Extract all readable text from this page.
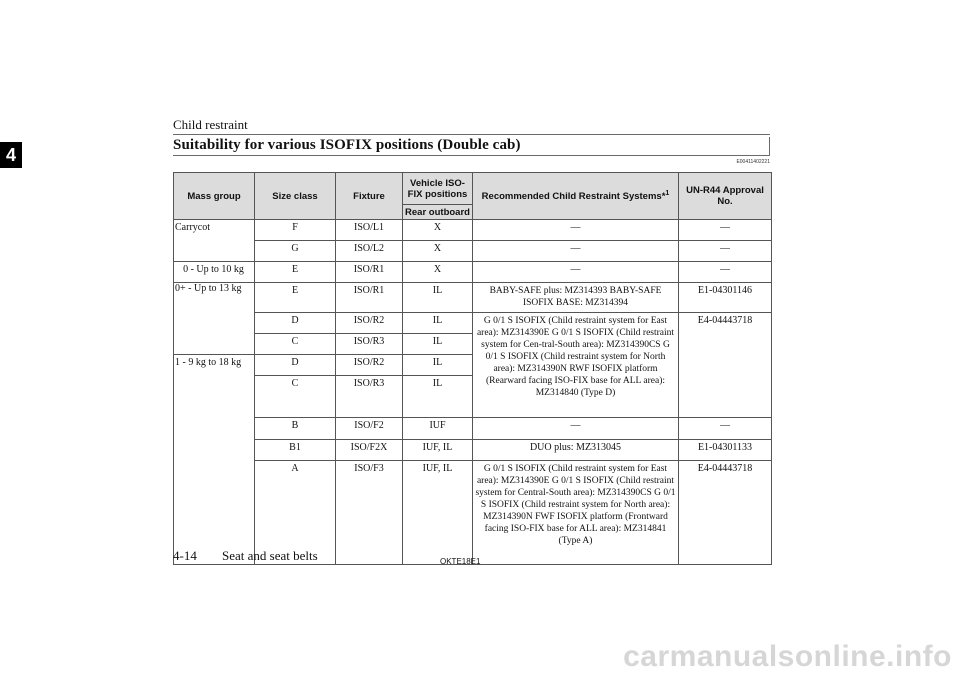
Child restraint
4	Suitability for various ISOFIX positions (Double cab)
E00411402221
Mass group	Size class	Fixture	Vehicle ISO-FIX positions	Recommended Child Restraint Systems*$^1$	UN-R44 Approval No.
			Rear outboard		
Carrycot	F	ISO/L1	X	—	—
	G	ISO/L2	X	—	—
0 - Up to 10 kg	E	ISO/R1	X	—	—
0+ - Up to 13 kg	E	ISO/R1	IL	BABY-SAFE plus: MZ314393 BABY-SAFE ISOFIX BASE: MZ314394	E1-04301146
	D	ISO/R2	IL	G 0/1 S ISOFIX (Child restraint system for East area): MZ314390E G 0/1 S ISOFIX (Child restraint system for Cen-tral-South area): MZ314390CS G 0/1 S ISOFIX (Child restraint system for North area): MZ314390N RWF ISOFIX platform (Rearward facing ISO-FIX base for ALL area): MZ314840 (Type D)	E4-04443718
	C	ISO/R3	IL		
1 - 9 kg to 18 kg	D	ISO/R2	IL		
	C	ISO/R3	IL		
	B	ISO/F2	IUF	—	—
	B1	ISO/F2X	IUF, IL	DUO plus: MZ313045	E1-04301133
	A	ISO/F3	IUF, IL	G 0/1 S ISOFIX (Child restraint system for East area): MZ314390E G 0/1 S ISOFIX (Child restraint system for Central-South area): MZ314390CS G 0/1 S ISOFIX (Child restraint system for North area): MZ314390N FWF ISOFIX platform (Frontward facing ISO-FIX base for ALL area): MZ314841 (Type A)	E4-04443718
4-14 Seat and seat belts	OKTE18E1
carmanualsonline.info
